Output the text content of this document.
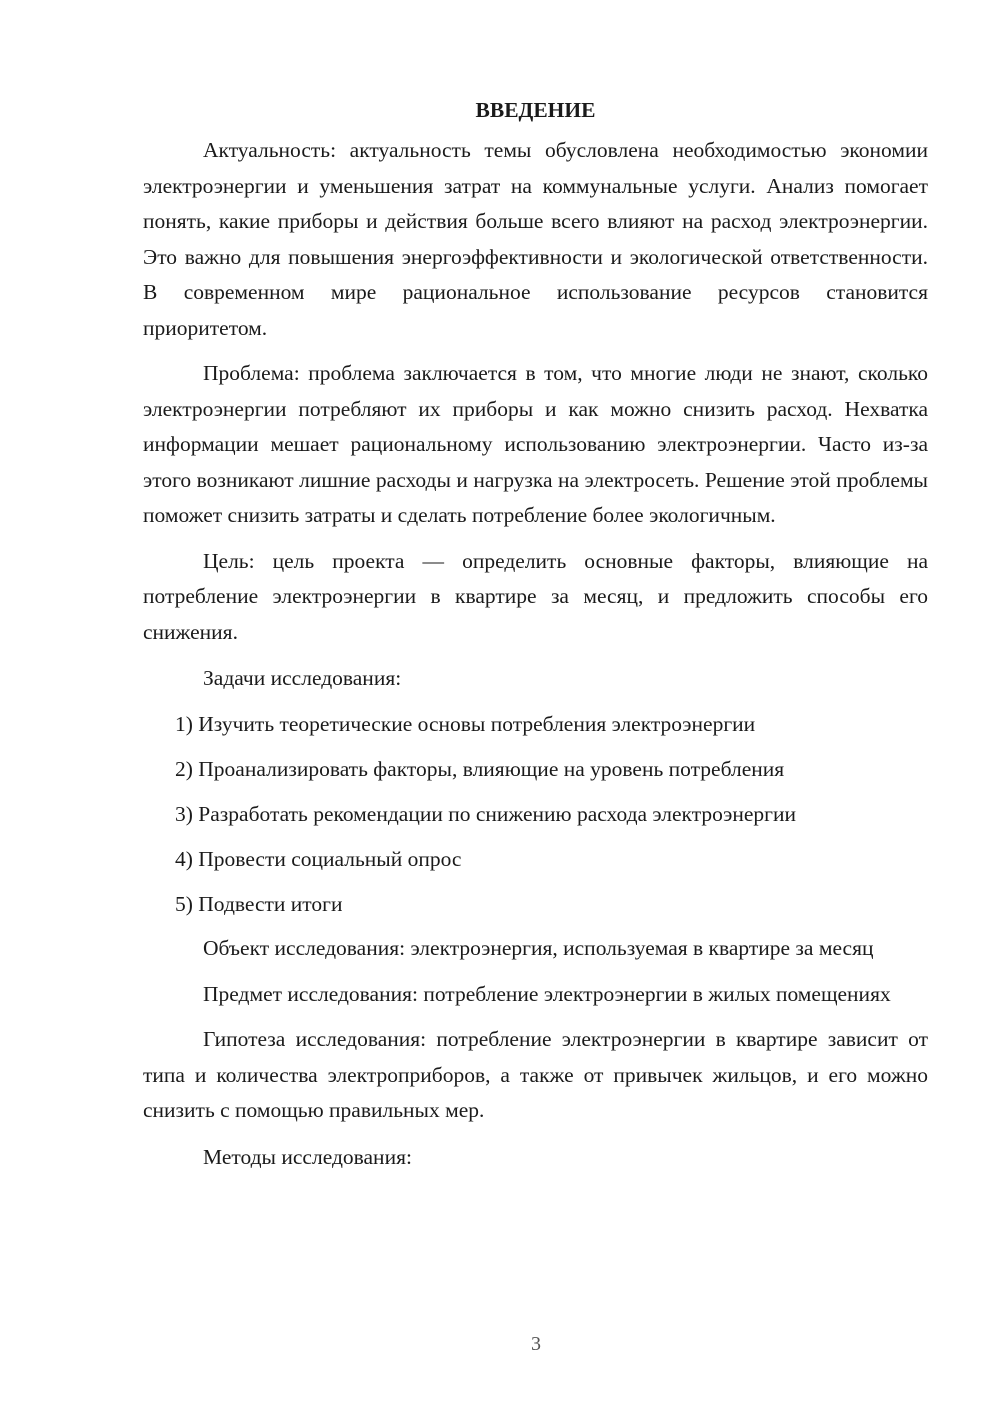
ВВЕДЕНИЕ

Актуальность: актуальность темы обусловлена необходимостью экономии электроэнергии и уменьшения затрат на коммунальные услуги. Анализ помогает понять, какие приборы и действия больше всего влияют на расход электроэнергии. Это важно для повышения энергоэффективности и экологической ответственности. В современном мире рациональное использование ресурсов становится приоритетом.

Проблема: проблема заключается в том, что многие люди не знают, сколько электроэнергии потребляют их приборы и как можно снизить расход. Нехватка информации мешает рациональному использованию электроэнергии. Часто из-за этого возникают лишние расходы и нагрузка на электросеть. Решение этой проблемы поможет снизить затраты и сделать потребление более экологичным.

Цель: цель проекта — определить основные факторы, влияющие на потребление электроэнергии в квартире за месяц, и предложить способы его снижения.

Задачи исследования:

1) Изучить теоретические основы потребления электроэнергии
2) Проанализировать факторы, влияющие на уровень потребления
3) Разработать рекомендации по снижению расхода электроэнергии
4) Провести социальный опрос
5) Подвести итоги

Объект исследования: электроэнергия, используемая в квартире за месяц

Предмет исследования: потребление электроэнергии в жилых помещениях

Гипотеза исследования: потребление электроэнергии в квартире зависит от типа и количества электроприборов, а также от привычек жильцов, и его можно снизить с помощью правильных мер.

Методы исследования:

3
